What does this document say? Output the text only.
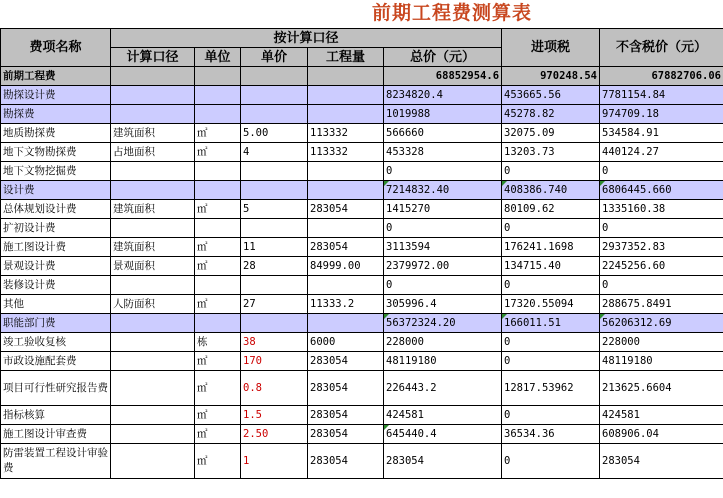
前期工程费测算表
费项名称	按计算口径					进项税	不含税价（元）
	计算口径	单位	单价	工程量	总价（元）		
前期工程费					68852954.6	970248.54	67882706.06
勘探设计费					8234820.4	453665.56	7781154.84
勘探费					1019988	45278.82	974709.18
地质勘探费	建筑面积	㎡	5.00	113332	566660	32075.09	534584.91
地下文物勘探费	占地面积	㎡	4	113332	453328	13203.73	440124.27
地下文物挖掘费					0	0	0
设计费					7214832.40	408386.740	6806445.660
总体规划设计费	建筑面积	㎡	5	283054	1415270	80109.62	1335160.38
扩初设计费					0	0	0
施工图设计费	建筑面积	㎡	11	283054	3113594	176241.1698	2937352.83
景观设计费	景观面积	㎡	28	84999.00	2379972.00	134715.40	2245256.60
装修设计费					0	0	0
其他	人防面积	㎡	27	11333.2	305996.4	17320.55094	288675.8491
职能部门费					56372324.20	166011.51	56206312.69
竣工验收复核		栋	38	6000	228000	0	228000
市政设施配套费		㎡	170	283054	48119180	0	48119180
项目可行性研究报告费		㎡	0.8	283054	226443.2	12817.53962	213625.6604
指标核算		㎡	1.5	283054	424581	0	424581
施工图设计审查费		㎡	2.50	283054	645440.4	36534.36	608906.04
防雷装置工程设计审验费		㎡	1	283054	283054	0	283054
